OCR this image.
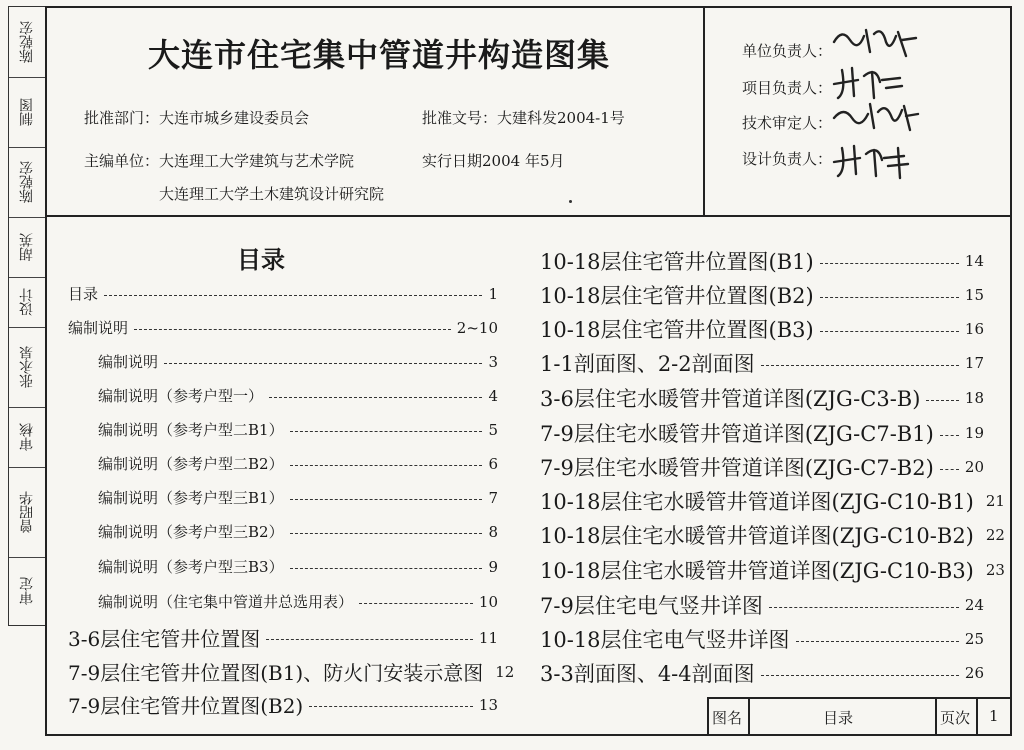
陈乾宏
制图
陈乾宏
胡英
设计
张永泉
审核
曾昭华
审定
大连市住宅集中管道井构造图集
批准部门： 大连市城乡建设委员会	批准文号： 大建科发2004-1号
主编单位： 大连理工大学建筑与艺术学院
大连理工大学土木建筑设计研究院
实行日期 2004 年5月
单位负责人：
项目负责人：
技术审定人：
设计负责人：
目录
目录	1
编制说明	2~10
编制说明	3
编制说明（参考户型一）	4
编制说明（参考户型二B1）	5
编制说明（参考户型二B2）	6
编制说明（参考户型三B1）	7
编制说明（参考户型三B2）	8
编制说明（参考户型三B3）	9
编制说明（住宅集中管道井总选用表）	10
3-6层住宅管井位置图	11
7-9层住宅管井位置图(B1)、防火门安装示意图 12
7-9层住宅管井位置图(B2)	13
10-18层住宅管井位置图(B1)	14
10-18层住宅管井位置图(B2)	15
10-18层住宅管井位置图(B3)	16
1-1剖面图、2-2剖面图	17
3-6层住宅水暖管井管道详图(ZJG-C3-B)	18
7-9层住宅水暖管井管道详图(ZJG-C7-B1) 19
7-9层住宅水暖管井管道详图(ZJG-C7-B2) 20
10-18层住宅水暖管井管道详图(ZJG-C10-B1) 21
10-18层住宅水暖管井管道详图(ZJG-C10-B2) 22
10-18层住宅水暖管井管道详图(ZJG-C10-B3) 23
7-9层住宅电气竖井详图	24
10-18层住宅电气竖井详图	25
3-3剖面图、4-4剖面图	26
图名	目录	页次 1
